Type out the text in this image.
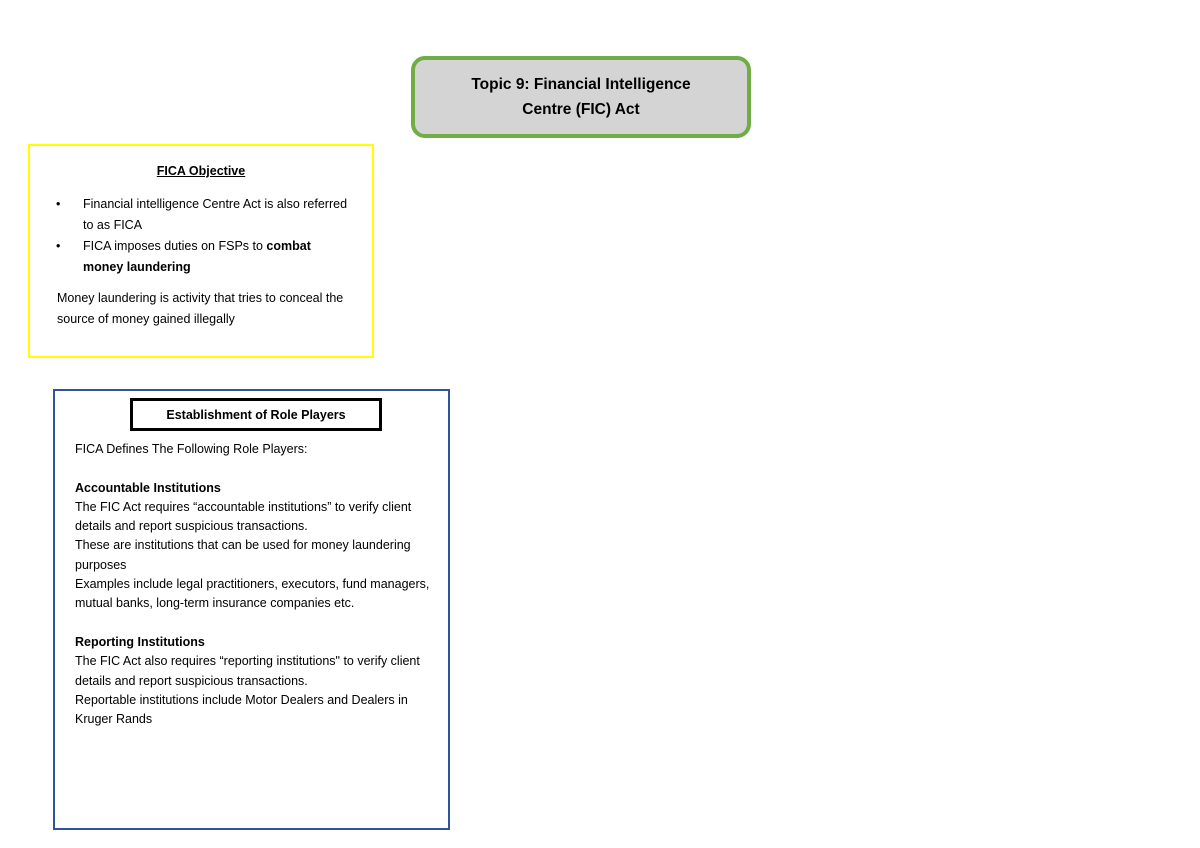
Topic 9: Financial Intelligence
Centre (FIC) Act
FICA Objective
• Financial intelligence Centre Act is also referred to as FICA
• FICA imposes duties on FSPs to combat money laundering
Money laundering is activity that tries to conceal the source of money gained illegally
Establishment of Role Players

FICA Defines The Following Role Players:

Accountable Institutions

The FIC Act requires “accountable institutions” to verify client details and report suspicious transactions.

These are institutions that can be used for money laundering purposes

Examples include legal practitioners, executors, fund managers, mutual banks, long-term insurance companies etc.

Reporting Institutions

The FIC Act also requires “reporting institutions" to verify client details and report suspicious transactions.

Reportable institutions include Motor Dealers and Dealers in Kruger Rands
